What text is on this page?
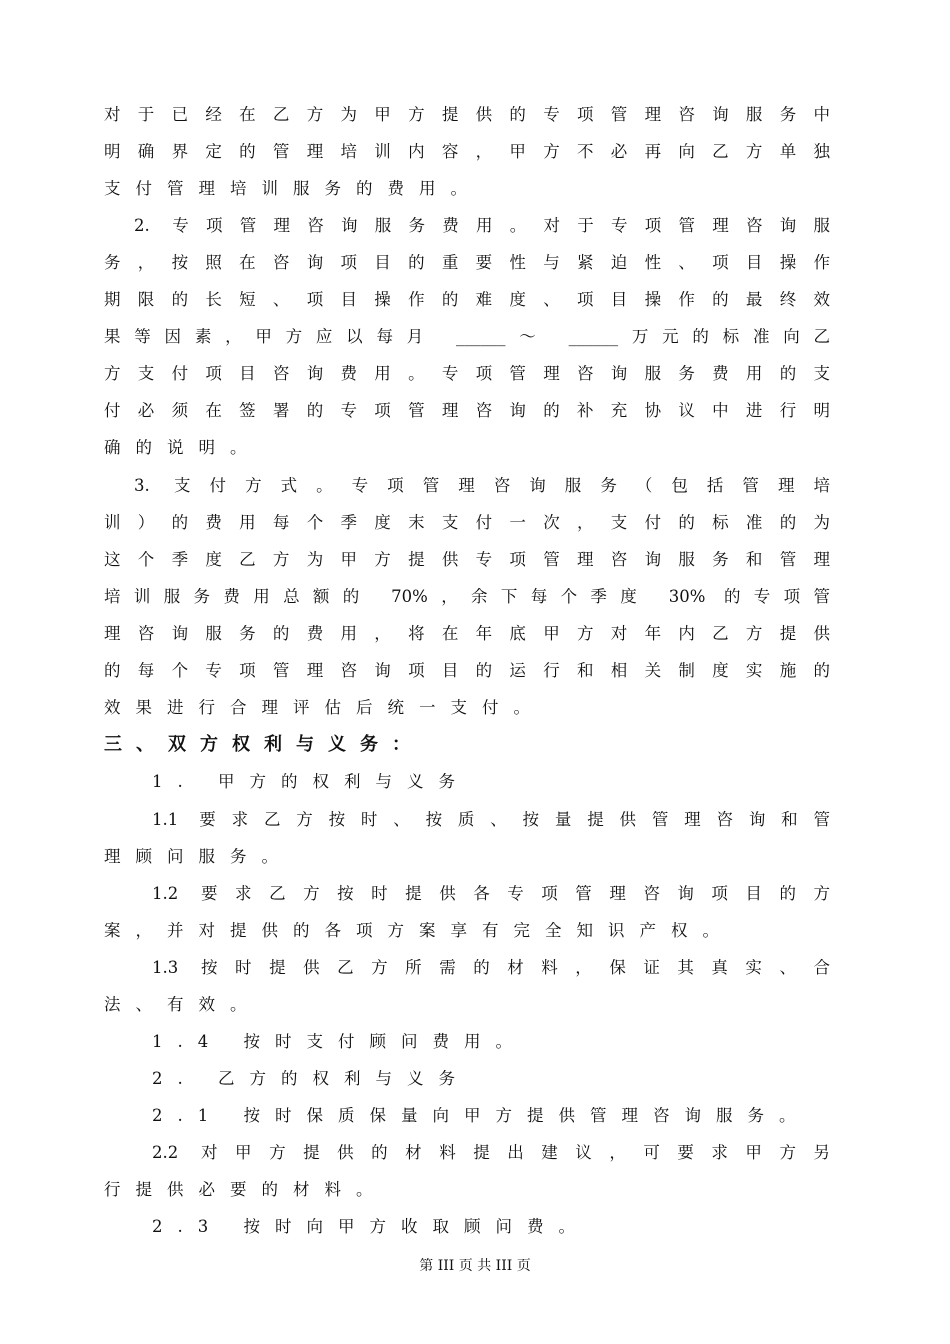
对于已经在乙方为甲方提供的专项管理咨询服务中
明确界定的管理培训内容，甲方不必再向乙方单独
支付管理培训服务的费用。
2. 专项管理咨询服务费用。对于专项管理咨询服
务，按照在咨询项目的重要性与紧迫性、项目操作
期限的长短、项目操作的难度、项目操作的最终效
果等因素，甲方应以每月 ______～ ______万元的标准向乙
方支付项目咨询费用。专项管理咨询服务费用的支
付必须在签署的专项管理咨询的补充协议中进行明
确的说明。
3. 支付方式。专项管理咨询服务（包括管理培
训）的费用每个季度末支付一次，支付的标准的为
这个季度乙方为甲方提供专项管理咨询服务和管理
培训服务费用总额的 70%，余下每个季度 30% 的专项管
理咨询服务的费用，将在年底甲方对年内乙方提供
的每个专项管理咨询项目的运行和相关制度实施的
效果进行合理评估后统一支付。
三、双方权利与义务：
1. 甲方的权利与义务
1.1 要求乙方按时、按质、按量提供管理咨询和管
理顾问服务。
1.2 要求乙方按时提供各专项管理咨询项目的方
案，并对提供的各项方案享有完全知识产权。
1.3 按时提供乙方所需的材料，保证其真实、合
法、有效。
1.4 按时支付顾问费用。
2. 乙方的权利与义务
2.1 按时保质保量向甲方提供管理咨询服务。
2.2 对甲方提供的材料提出建议，可要求甲方另
行提供必要的材料。
2.3 按时向甲方收取顾问费。
第 III 页 共 III 页
